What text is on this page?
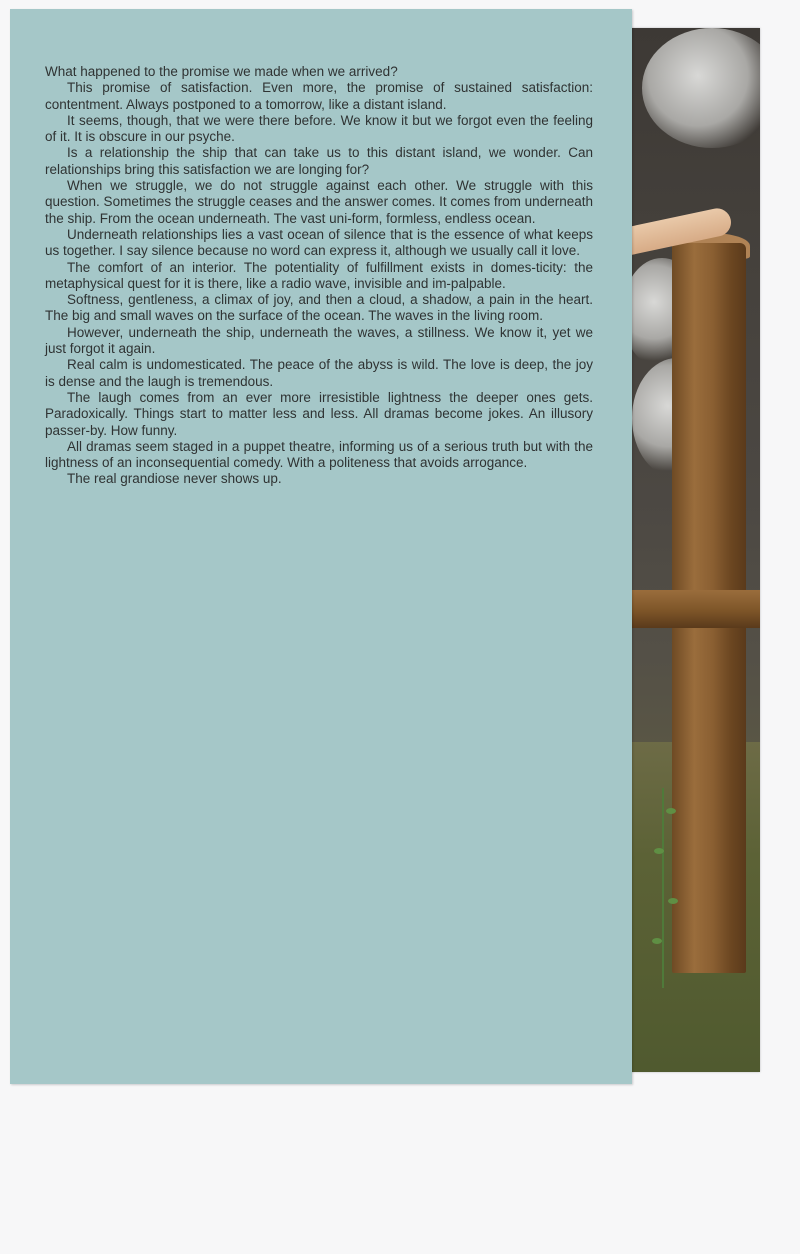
What happened to the promise we made when we arrived?

This promise of satisfaction. Even more, the promise of sustained satisfaction: contentment. Always postponed to a tomorrow, like a distant island.

It seems, though, that we were there before. We know it but we forgot even the feeling of it. It is obscure in our psyche.

Is a relationship the ship that can take us to this distant island, we wonder. Can relationships bring this satisfaction we are longing for?

When we struggle, we do not struggle against each other. We struggle with this question. Sometimes the struggle ceases and the answer comes. It comes from underneath the ship. From the ocean underneath. The vast uni-form, formless, endless ocean.

Underneath relationships lies a vast ocean of silence that is the essence of what keeps us together. I say silence because no word can express it, although we usually call it love.

The comfort of an interior. The potentiality of fulfillment exists in domes-ticity: the metaphysical quest for it is there, like a radio wave, invisible and im-palpable.

Softness, gentleness, a climax of joy, and then a cloud, a shadow, a pain in the heart. The big and small waves on the surface of the ocean. The waves in the living room.

However, underneath the ship, underneath the waves, a stillness. We know it, yet we just forgot it again.

Real calm is undomesticated. The peace of the abyss is wild. The love is deep, the joy is dense and the laugh is tremendous.

The laugh comes from an ever more irresistible lightness the deeper ones gets. Paradoxically. Things start to matter less and less. All dramas become jokes. An illusory passer-by. How funny.

All dramas seem staged in a puppet theatre, informing us of a serious truth but with the lightness of an inconsequential comedy. With a politeness that avoids arrogance.

The real grandiose never shows up.
